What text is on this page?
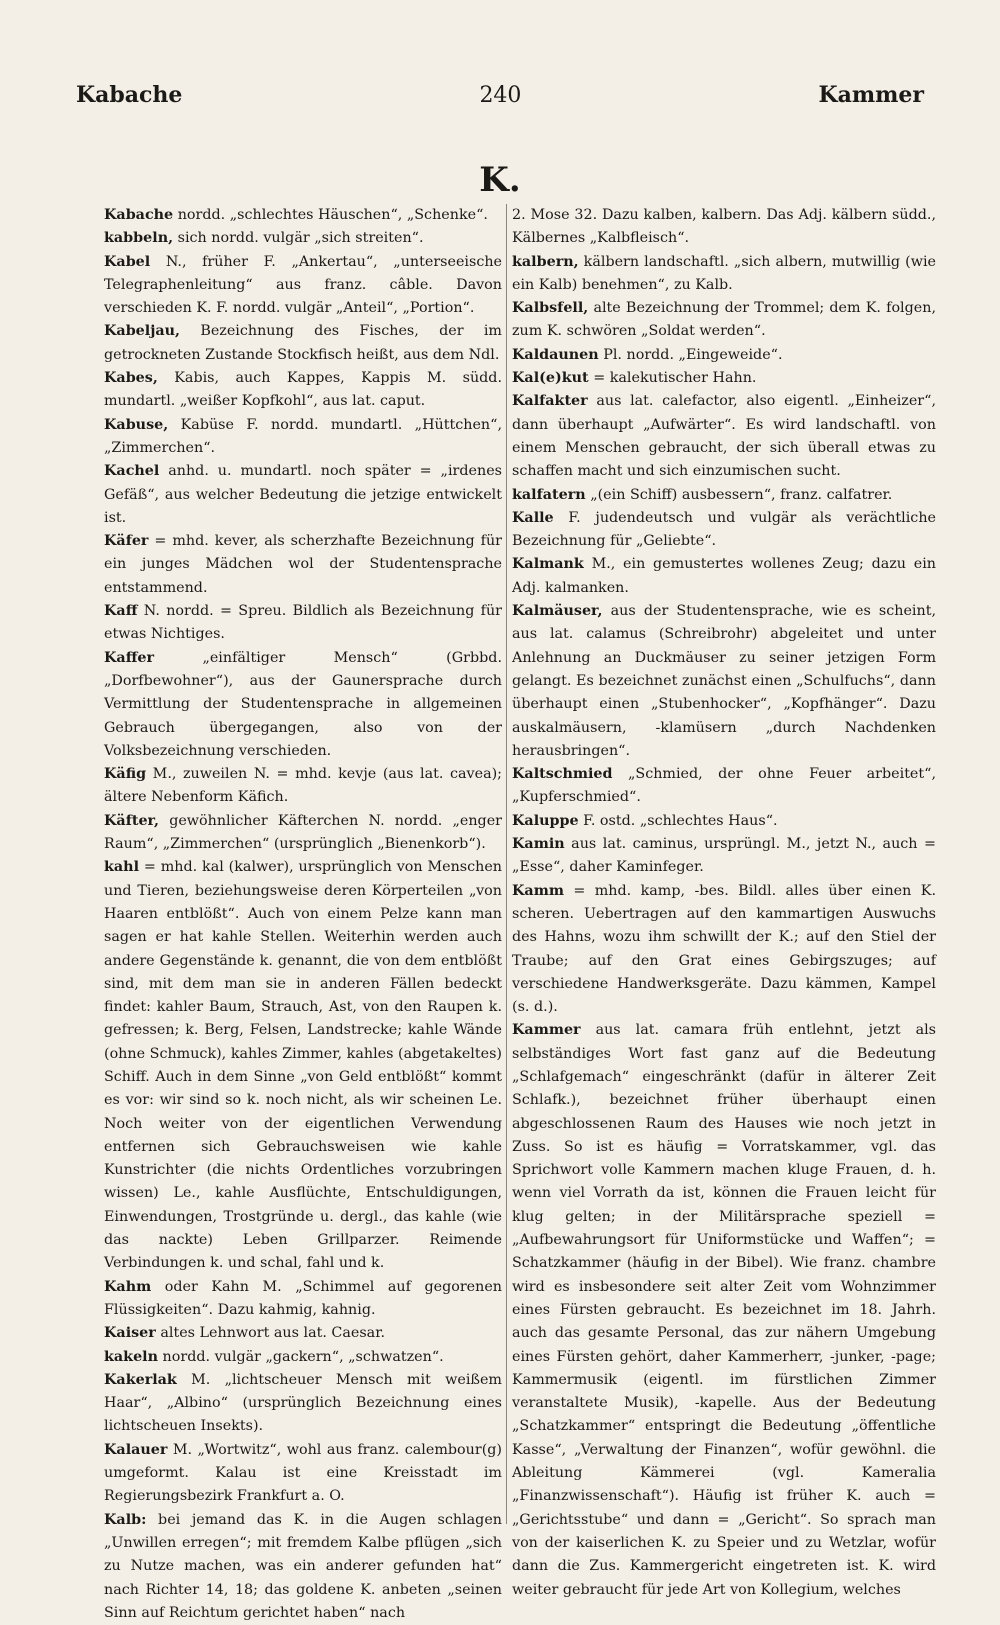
Kabache	240	Kammer
K.

Kabache nordd. „schlechtes Häuschen“, „Schenke“.

kabbeln, sich nordd. vulgär „sich streiten“.

Kabel N., früher F. „Ankertau“, „unterseeische Telegraphenleitung“ aus franz. câble. Davon verschieden K. F. nordd. vulgär „Anteil“, „Portion“.

Kabeljau, Bezeichnung des Fisches, der im getrockneten Zustande Stockfisch heißt, aus dem Ndl.

Kabes, Kabis, auch Kappes, Kappis M. südd. mundartl. „weißer Kopfkohl“, aus lat. caput.

Kabuse, Kabüse F. nordd. mundartl. „Hüttchen“, „Zimmerchen“.

Kachel anhd. u. mundartl. noch später = „irdenes Gefäß“, aus welcher Bedeutung die jetzige entwickelt ist.

Käfer = mhd. kever, als scherzhafte Bezeichnung für ein junges Mädchen wol der Studentensprache entstammend.

Kaff N. nordd. = Spreu. Bildlich als Bezeichnung für etwas Nichtiges.

Kaffer „einfältiger Mensch“ (Grbbd. „Dorfbewohner“), aus der Gaunersprache durch Vermittlung der Studentensprache in allgemeinen Gebrauch übergegangen, also von der Volksbezeichnung verschieden.

Käfig M., zuweilen N. = mhd. kevje (aus lat. cavea); ältere Nebenform Käfich.

Käfter, gewöhnlicher Käfterchen N. nordd. „enger Raum“, „Zimmerchen“ (ursprünglich „Bienenkorb“).

kahl = mhd. kal (kalwer), ursprünglich von Menschen und Tieren, beziehungsweise deren Körperteilen „von Haaren entblößt“. Auch von einem Pelze kann man sagen er hat kahle Stellen. Weiterhin werden auch andere Gegenstände k. genannt, die von dem entblößt sind, mit dem man sie in anderen Fällen bedeckt findet: kahler Baum, Strauch, Ast, von den Raupen k. gefressen; k. Berg, Felsen, Landstrecke; kahle Wände (ohne Schmuck), kahles Zimmer, kahles (abgetakeltes) Schiff. Auch in dem Sinne „von Geld entblößt“ kommt es vor: wir sind so k. noch nicht, als wir scheinen Le. Noch weiter von der eigentlichen Verwendung entfernen sich Gebrauchsweisen wie kahle Kunstrichter (die nichts Ordentliches vorzubringen wissen) Le., kahle Ausflüchte, Entschuldigungen, Einwendungen, Trostgründe u. dergl., das kahle (wie das nackte) Leben Grillparzer. Reimende Verbindungen k. und schal, fahl und k.

Kahm oder Kahn M. „Schimmel auf gegorenen Flüssigkeiten“. Dazu kahmig, kahnig.

Kaiser altes Lehnwort aus lat. Caesar.

kakeln nordd. vulgär „gackern“, „schwatzen“.

Kakerlak M. „lichtscheuer Mensch mit weißem Haar“, „Albino“ (ursprünglich Bezeichnung eines lichtscheuen Insekts).

Kalauer M. „Wortwitz“, wohl aus franz. calembour(g) umgeformt. Kalau ist eine Kreisstadt im Regierungsbezirk Frankfurt a. O.

Kalb: bei jemand das K. in die Augen schlagen „Unwillen erregen“; mit fremdem Kalbe pflügen „sich zu Nutze machen, was ein anderer gefunden hat“ nach Richter 14, 18; das goldene K. anbeten „seinen Sinn auf Reichtum gerichtet haben“ nach

2. Mose 32. Dazu kalben, kalbern. Das Adj. kälbern südd., Kälbernes „Kalbfleisch“.

kalbern, kälbern landschaftl. „sich albern, mutwillig (wie ein Kalb) benehmen“, zu Kalb.

Kalbsfell, alte Bezeichnung der Trommel; dem K. folgen, zum K. schwören „Soldat werden“.

Kaldaunen Pl. nordd. „Eingeweide“.

Kal(e)kut = kalekutischer Hahn.

Kalfakter aus lat. calefactor, also eigentl. „Einheizer“, dann überhaupt „Aufwärter“. Es wird landschaftl. von einem Menschen gebraucht, der sich überall etwas zu schaffen macht und sich einzumischen sucht.

kalfatern „(ein Schiff) ausbessern“, franz. calfatrer.

Kalle F. judendeutsch und vulgär als verächtliche Bezeichnung für „Geliebte“.

Kalmank M., ein gemustertes wollenes Zeug; dazu ein Adj. kalmanken.

Kalmäuser, aus der Studentensprache, wie es scheint, aus lat. calamus (Schreibrohr) abgeleitet und unter Anlehnung an Duckmäuser zu seiner jetzigen Form gelangt. Es bezeichnet zunächst einen „Schulfuchs“, dann überhaupt einen „Stubenhocker“, „Kopfhänger“. Dazu auskalmäusern, -klamüsern „durch Nachdenken herausbringen“.

Kaltschmied „Schmied, der ohne Feuer arbeitet“, „Kupferschmied“.

Kaluppe F. ostd. „schlechtes Haus“.

Kamin aus lat. caminus, ursprüngl. M., jetzt N., auch = „Esse“, daher Kaminfeger.

Kamm = mhd. kamp, -bes. Bildl. alles über einen K. scheren. Uebertragen auf den kammartigen Auswuchs des Hahns, wozu ihm schwillt der K.; auf den Stiel der Traube; auf den Grat eines Gebirgszuges; auf verschiedene Handwerksgeräte. Dazu kämmen, Kampel (s. d.).

Kammer aus lat. camara früh entlehnt, jetzt als selbständiges Wort fast ganz auf die Bedeutung „Schlafgemach“ eingeschränkt (dafür in älterer Zeit Schlafk.), bezeichnet früher überhaupt einen abgeschlossenen Raum des Hauses wie noch jetzt in Zuss. So ist es häufig = Vorratskammer, vgl. das Sprichwort volle Kammern machen kluge Frauen, d. h. wenn viel Vorrath da ist, können die Frauen leicht für klug gelten; in der Militärsprache speziell = „Aufbewahrungsort für Uniformstücke und Waffen“; = Schatzkammer (häufig in der Bibel). Wie franz. chambre wird es insbesondere seit alter Zeit vom Wohnzimmer eines Fürsten gebraucht. Es bezeichnet im 18. Jahrh. auch das gesamte Personal, das zur nähern Umgebung eines Fürsten gehört, daher Kammerherr, -junker, -page; Kammermusik (eigentl. im fürstlichen Zimmer veranstaltete Musik), -kapelle. Aus der Bedeutung „Schatzkammer“ entspringt die Bedeutung „öffentliche Kasse“, „Verwaltung der Finanzen“, wofür gewöhnl. die Ableitung Kämmerei (vgl. Kameralia „Finanzwissenschaft“). Häufig ist früher K. auch = „Gerichtsstube“ und dann = „Gericht“. So sprach man von der kaiserlichen K. zu Speier und zu Wetzlar, wofür dann die Zus. Kammergericht eingetreten ist. K. wird weiter gebraucht für jede Art von Kollegium, welches
